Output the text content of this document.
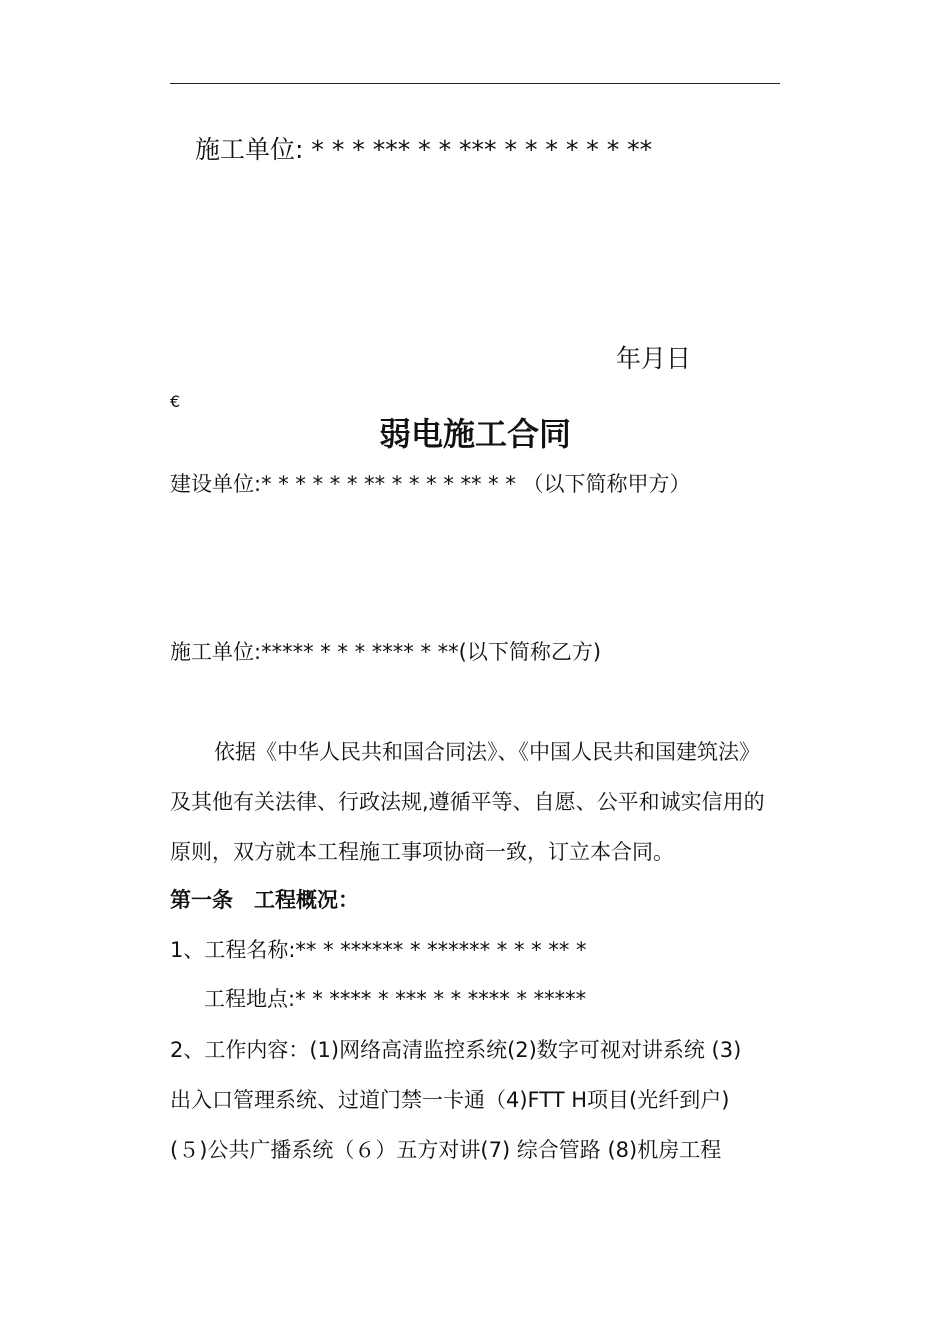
施工单位: * * * *** * * *** * * * * * * **
年月日
€
弱电施工合同
建设单位:* * * * * * ** * * * * ** * * （以下简称甲方）
施工单位:***** * * * **** * **(以下简称乙方)
依据《中华人民共和国合同法》、《中国人民共和国建筑法》
及其他有关法律、行政法规,遵循平等、自愿、公平和诚实信用的
原则，双方就本工程施工事项协商一致，订立本合同。
第一条　工程概况：
1、工程名称:** * ****** * ****** * * * ** *
工程地点:* * **** * *** * * **** * *****
2、工作内容：(1)网络高清监控系统(2)数字可视对讲系统 (3)
出入口管理系统、过道门禁一卡通（4)FTT H项目(光纤到户)
(５)公共广播系统（６）五方对讲(7) 综合管路 (8)机房工程
